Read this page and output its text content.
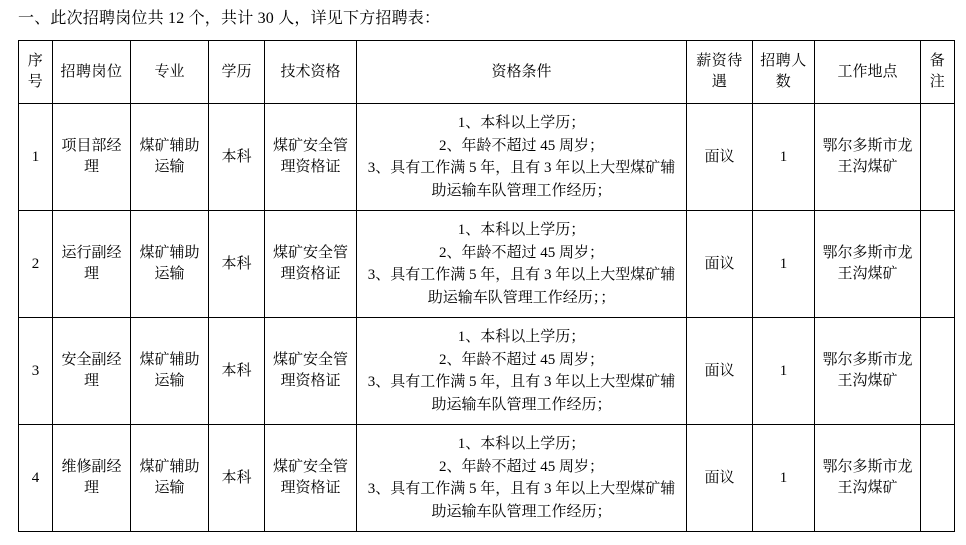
一、此次招聘岗位共 12 个，共计 30 人，详见下方招聘表：
序号	招聘岗位	专业	学历	技术资格	资格条件	薪资待遇	招聘人数	工作地点	备注
1	项目部经理	煤矿辅助运输	本科	煤矿安全管理资格证	1、本科以上学历；
2、年龄不超过 45 周岁；
3、具有工作满 5 年，且有 3 年以上大型煤矿辅助运输车队管理工作经历；	面议	1	鄂尔多斯市龙王沟煤矿	
2	运行副经理	煤矿辅助运输	本科	煤矿安全管理资格证	1、本科以上学历；
2、年龄不超过 45 周岁；
3、具有工作满 5 年，且有 3 年以上大型煤矿辅助运输车队管理工作经历；；	面议	1	鄂尔多斯市龙王沟煤矿	
3	安全副经理	煤矿辅助运输	本科	煤矿安全管理资格证	1、本科以上学历；
2、年龄不超过 45 周岁；
3、具有工作满 5 年，且有 3 年以上大型煤矿辅助运输车队管理工作经历；	面议	1	鄂尔多斯市龙王沟煤矿	
4	维修副经理	煤矿辅助运输	本科	煤矿安全管理资格证	1、本科以上学历；
2、年龄不超过 45 周岁；
3、具有工作满 5 年，且有 3 年以上大型煤矿辅助运输车队管理工作经历；	面议	1	鄂尔多斯市龙王沟煤矿	
